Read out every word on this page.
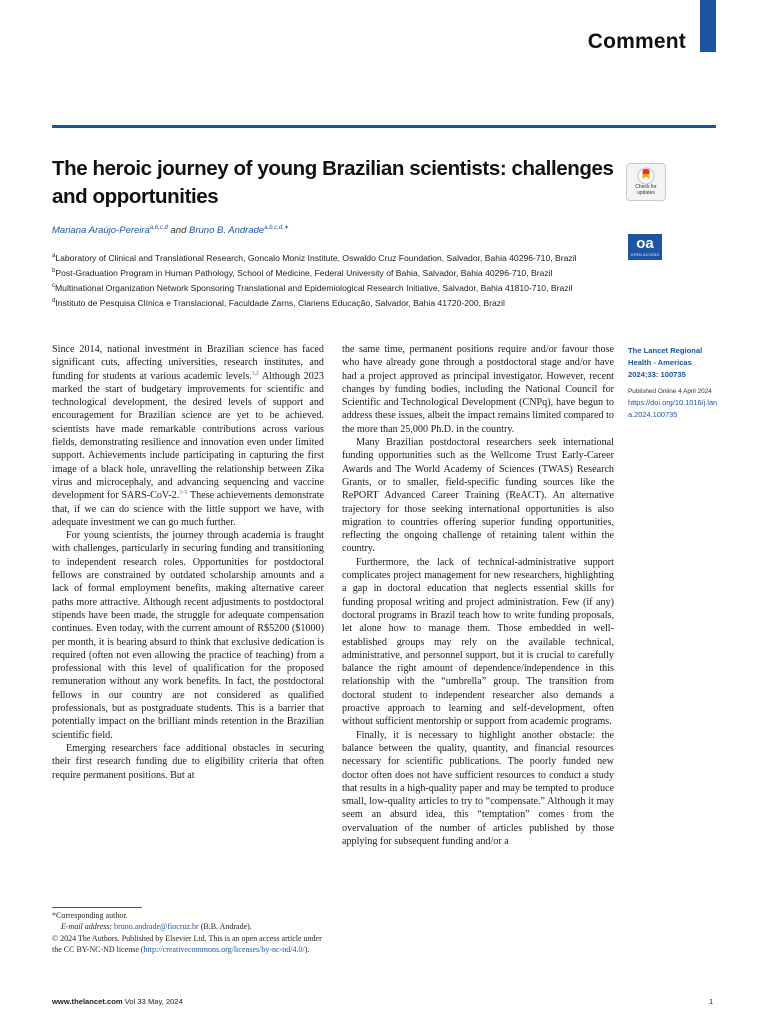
Comment
The heroic journey of young Brazilian scientists: challenges and opportunities
Mariana Araújo-Pereira$^{a,b,c,d}$ and Bruno B. Andrade$^{a,b,c,d,∗}$

$^a$Laboratory of Clinical and Translational Research, Goncalo Moniz Institute, Oswaldo Cruz Foundation, Salvador, Bahia 40296-710, Brazil

$^b$Post-Graduation Program in Human Pathology, School of Medicine, Federal University of Bahia, Salvador, Bahia 40296-710, Brazil

$^c$Multinational Organization Network Sponsoring Translational and Epidemiological Research Initiative, Salvador, Bahia 41810-710, Brazil

$^d$Instituto de Pesquisa Clínica e Translacional, Faculdade Zarns, Clariens Educação, Salvador, Bahia 41720-200, Brazil

Check for updates
oa
OPEN ACCESS

Since 2014, national investment in Brazilian science has faced significant cuts, affecting universities, research institutes, and funding for students at various academic levels.$^{1,2}$ Although 2023 marked the start of budgetary improvements for scientific and technological development, the desired levels of support and encouragement for Brazilian science are yet to be achieved. scientists have made remarkable contributions across various fields, demonstrating resilience and innovation even under limited support. Achievements include participating in capturing the first image of a black hole, unravelling the relationship between Zika virus and microcephaly, and advancing sequencing and vaccine development for SARS-CoV-2.$^{3-5}$ These achievements demonstrate that, if we can do science with the little support we have, with adequate investment we can go much further.

For young scientists, the journey through academia is fraught with challenges, particularly in securing funding and transitioning to independent research roles. Opportunities for postdoctoral fellows are constrained by outdated scholarship amounts and a lack of formal employment benefits, making alternative career paths more attractive. Although recent adjustments to postdoctoral stipends have been made, the struggle for adequate compensation continues. Even today, with the current amount of R$5200 ($1000) per month, it is bearing absurd to think that exclusive dedication is required (often not even allowing the practice of teaching) from a professional with this level of qualification for the proposed remuneration without any work benefits. In fact, the postdoctoral fellows in our country are not considered as qualified professionals, but as postgraduate students. This is a barrier that potentially impact on the brilliant minds retention in the Brazilian scientific field.

Emerging researchers face additional obstacles in securing their first research funding due to eligibility criteria that often require permanent positions. But at

the same time, permanent positions require and/or favour those who have already gone through a postdoctoral stage and/or have had a project approved as principal investigator. However, recent changes by funding bodies, including the National Council for Scientific and Technological Development (CNPq), have begun to address these issues, albeit the impact remains limited compared to the more than 25,000 Ph.D. in the country.

Many Brazilian postdoctoral researchers seek international funding opportunities such as the Wellcome Trust Early-Career Awards and The World Academy of Sciences (TWAS) Research Grants, or to smaller, field-specific funding sources like the RePORT Advanced Career Training (ReACT). An alternative trajectory for those seeking international opportunities is also migration to countries offering superior funding opportunities, reflecting the ongoing challenge of retaining talent within the country.

Furthermore, the lack of technical-administrative support complicates project management for new researchers, highlighting a gap in doctoral education that neglects essential skills for funding proposal writing and project administration. Few (if any) doctoral programs in Brazil teach how to write funding proposals, let alone how to manage them. Those embedded in well-established groups may rely on the available technical, administrative, and personnel support, but it is crucial to carefully balance the right amount of dependence/independence in this relationship with the “umbrella” group. The transition from doctoral student to independent researcher also demands a proactive approach to learning and self-development, often without sufficient mentorship or support from academic programs.

Finally, it is necessary to highlight another obstacle: the balance between the quality, quantity, and financial resources necessary for scientific publications. The poorly funded new doctor often does not have sufficient resources to conduct a study that results in a high-quality paper and may be tempted to produce small, low-quality articles to try to “compensate.” Although it may seem an absurd idea, this “temptation” comes from the overvaluation of the number of articles published by those applying for subsequent funding and/or a

The Lancet Regional Health - Americas 2024;33: 100735
Published Online 4 April 2024
https://doi.org/10.1016/j.lana.2024.100735

*Corresponding author.

E-mail address: bruno.andrade@fiocruz.br (B.B. Andrade).

© 2024 The Authors. Published by Elsevier Ltd. This is an open access article under the CC BY-NC-ND license (http://creativecommons.org/licenses/by-nc-nd/4.0/).

www.thelancet.com Vol 33 May, 2024	1
